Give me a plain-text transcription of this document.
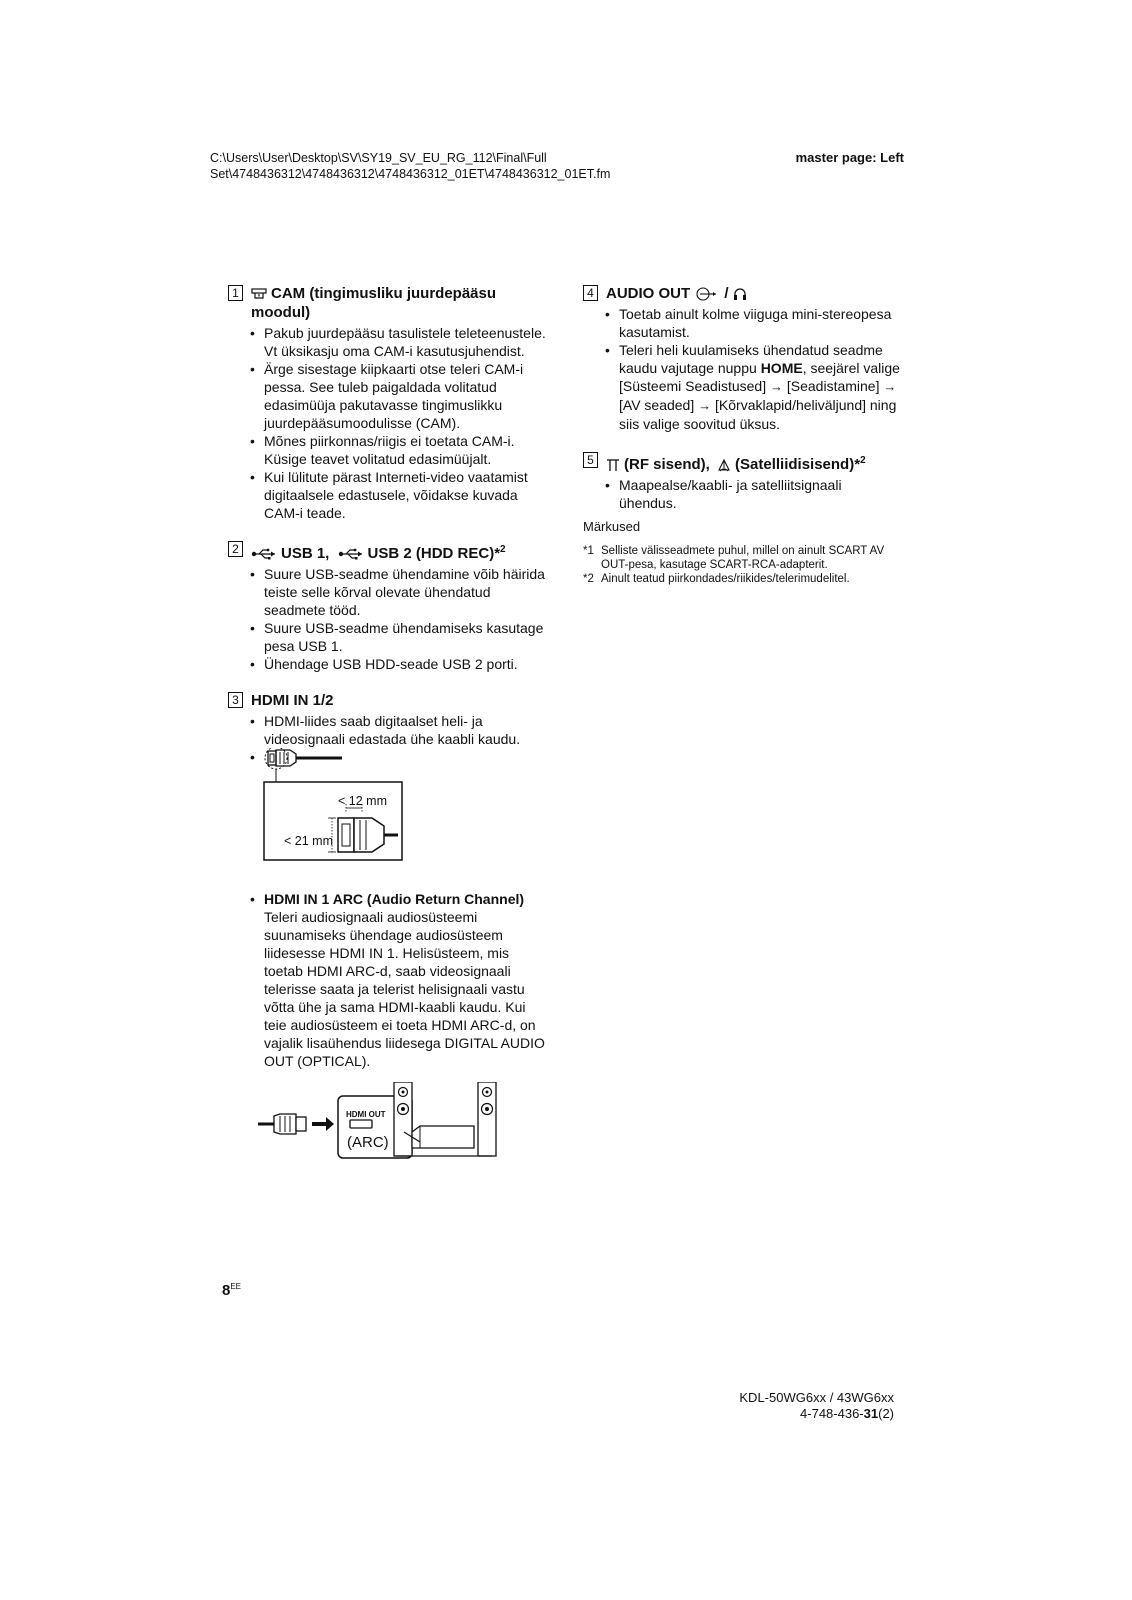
C:\Users\User\Desktop\SV\SY19_SV_EU_RG_112\Final\Full
Set\4748436312\4748436312\4748436312_01ET\4748436312_01ET.fm
master page: Left
1	CAM (tingimusliku juurdepääsu
moodul)
• Pakub juurdepääsu tasulistele teleteenustele. Vt üksikasju oma CAM-i kasutusjuhendist.
• Ärge sisestage kiipkaarti otse teleri CAM-i pessa. See tuleb paigaldada volitatud edasimüüja pakutavasse tingimuslikku juurdepääsumoodulisse (CAM).
• Mõnes piirkonnas/riigis ei toetata CAM-i. Küsige teavet volitatud edasimüüjalt.
• Kui lülitute pärast Interneti-video vaatamist digitaalsele edastusele, võidakse kuvada CAM-i teade.
2	USB 1,	USB 2 (HDD REC)*$^2$
• Suure USB-seadme ühendamine võib häirida teiste selle kõrval olevate ühendatud seadmete tööd.
• Suure USB-seadme ühendamiseks kasutage pesa USB 1.
• Ühendage USB HDD-seade USB 2 porti.
3 HDMI IN 1/2
• HDMI-liides saab digitaalset heli- ja videosignaali edastada ühe kaabli kaudu.
• < 12 mm
< 21 mm
• HDMI IN 1 ARC (Audio Return Channel)
Teleri audiosignaali audiosüsteemi suunamiseks ühendage audiosüsteem liidesesse HDMI IN 1. Helisüsteem, mis toetab HDMI ARC-d, saab videosignaali telerisse saata ja telerist helisignaali vastu võtta ühe ja sama HDMI-kaabli kaudu. Kui teie audiosüsteem ei toeta HDMI ARC-d, on vajalik lisaühendus liidesega DIGITAL AUDIO OUT (OPTICAL).
HDMI OUT
(ARC)
4 AUDIO OUT /
• Toetab ainult kolme viiguga mini-stereopesa kasutamist.
• Teleri heli kuulamiseks ühendatud seadme kaudu vajutage nuppu HOME, seejärel valige [Süsteemi Seadistused] → [Seadistamine] → [AV seaded] → [Kõrvaklapid/heliväljund] ning siis valige soovitud üksus.
5	(RF sisend), (Satelliidisisend)*$^2$
• Maapealse/kaabli- ja satelliitsignaali ühendus.
Märkused
*1 Selliste välisseadmete puhul, millel on ainult SCART AV OUT-pesa, kasutage SCART-RCA-adapterit.
*2 Ainult teatud piirkondades/riikides/telerimudelitel.
$8^{EE}$
KDL-50WG6xx / 43WG6xx
4-748-436-31(2)
